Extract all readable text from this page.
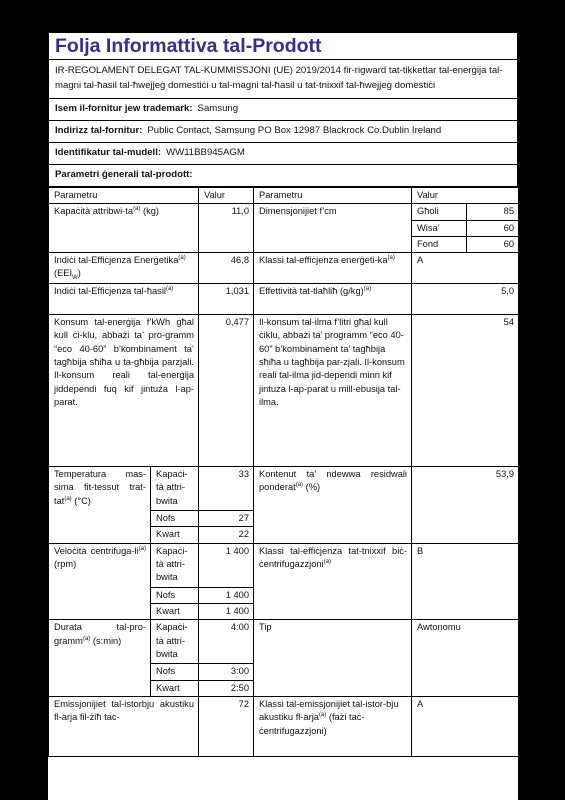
Folja Informattiva tal-Prodott
IR-REGOLAMENT DELEGAT TAL-KUMMISSJONI (UE) 2019/2014 fir-rigward tat-tikkettar tal-enerġija tal-magni tal-ħasil tal-ħwejjeġ domestiċi u tal-magni tal-ħasil u tat-tnixxif tal-ħwejjeġ domestiċi
Isem il-fornitur jew trademark: Samsung
Indirizz tal-fornitur: Public Contact, Samsung PO Box 12987 Blackrock Co.Dublin Ireland
Identifikatur tal-mudell: WW11BB945AGM
Parametri ġenerali tal-prodott:
Parametru		Valur	Parametru	Valur	
Kapaċità attribwi-$ta^{(a)}$ (kg)		11,0	Dimensjonijiet f’cm	Għoli	85
				Wisa’	60
				Fond	60
Indiċi tal-Effiċjenza Enerġetika$^{(a)}$ $(EEI_W)$		46,8	Klassi tal-effiċjenza enerġeti-$ka^{(a)}$	A	
Indiċi tal-Effiċjenza tal-ħasil$^{(a)}$		1,031	Effettività tat-tlaħliħ $(g/kg)^{(a)}$	5,0	
Konsum tal-enerġija f’kWh għal kull ċi-klu, abbażi ta’ pro-gramm “eco 40-60” b’kombinament ta’ tagħbija sħiħa u ta-għbija parzjali. Il-konsum reali tal-enerġija jiddependi fuq kif jintuża l-ap-parat.		0,477	Il-konsum tal-ilma f’litri għal kull ċiklu, abbażi ta’ programm “eco 40-60” b’kombinament ta’ tagħbija sħiħa u tagħbija par-zjali. Il-konsum reali tal-ilma jid-dependi minn kif jintuża l-ap-parat u mill-ebusija tal-ilma.	54	
Temperatura mas-sima fit-tessut trat-tat$^{(a)}$ (°C)	Kapaċi-tà attri-bwita	33	Kontenut ta’ ndewwa residwali ponderat$^{(a)}$ (%)	53,9	
	Nofs	27			
	Kwart	22			
Veloċità ċentrifuga-$li^{(a)}$ (rpm)	Kapaċi-tà attri-bwita	1 400	Klassi tal-effiċjenza tat-tnixxif biċ-ċentrifugazzjoni$^{(a)}$	B	
	Nofs	1 400			
	Kwart	1 400			
Durata tal-pro-gramm$^{(a)}$ (s:min)	Kapaċi-tà attri-bwita	4:00	Tip	Awtonomu	
	Nofs	3:00			
	Kwart	2:50			
Emissjonijiet tal-istorbju akustiku fl-arja fil-żiħ tac-		72	Klassi tal-emissjonijiet tal-istor-bju akustiku fl-arja$^{(a)}$ (fażi taċ-ċentrifugazzjoni)	A	
